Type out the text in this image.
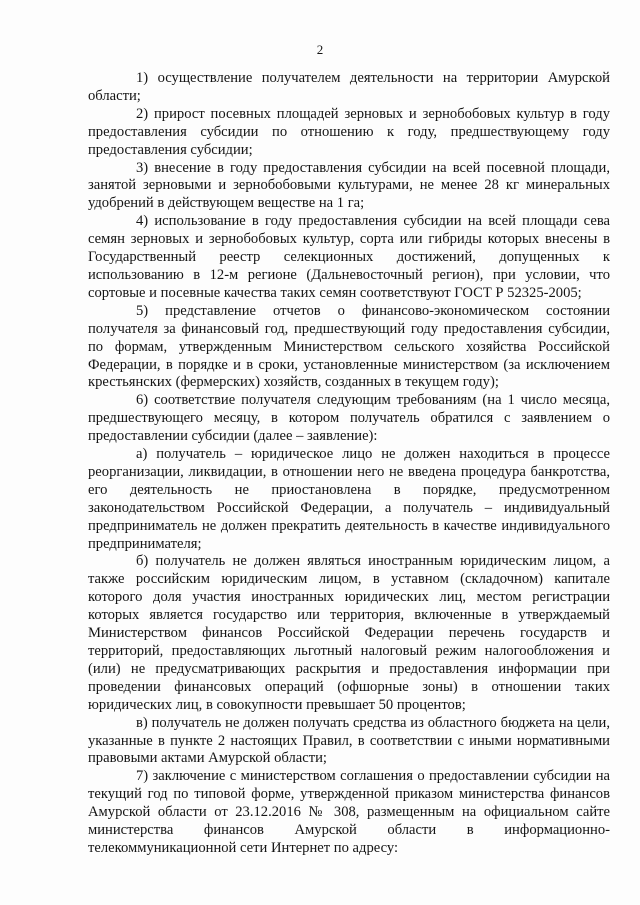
2

1) осуществление получателем деятельности на территории Амурской области;

2) прирост посевных площадей зерновых и зернобобовых культур в году предоставления субсидии по отношению к году, предшествующему году предоставления субсидии;

3) внесение в году предоставления субсидии на всей посевной площади, занятой зерновыми и зернобобовыми культурами, не менее 28 кг минеральных удобрений в действующем веществе на 1 га;

4) использование в году предоставления субсидии на всей площади сева семян зерновых и зернобобовых культур, сорта или гибриды которых внесены в Государственный реестр селекционных достижений, допущенных к использованию в 12-м регионе (Дальневосточный регион), при условии, что сортовые и посевные качества таких семян соответствуют ГОСТ Р 52325-2005;

5) представление отчетов о финансово-экономическом состоянии получателя за финансовый год, предшествующий году предоставления субсидии, по формам, утвержденным Министерством сельского хозяйства Российской Федерации, в порядке и в сроки, установленные министерством (за исключением крестьянских (фермерских) хозяйств, созданных в текущем году);

6) соответствие получателя следующим требованиям (на 1 число месяца, предшествующего месяцу, в котором получатель обратился с заявлением о предоставлении субсидии (далее – заявление):

а) получатель – юридическое лицо не должен находиться в процессе реорганизации, ликвидации, в отношении него не введена процедура банкротства, его деятельность не приостановлена в порядке, предусмотренном законодательством Российской Федерации, а получатель – индивидуальный предприниматель не должен прекратить деятельность в качестве индивидуального предпринимателя;

б) получатель не должен являться иностранным юридическим лицом, а также российским юридическим лицом, в уставном (складочном) капитале которого доля участия иностранных юридических лиц, местом регистрации которых является государство или территория, включенные в утверждаемый Министерством финансов Российской Федерации перечень государств и территорий, предоставляющих льготный налоговый режим налогообложения и (или) не предусматривающих раскрытия и предоставления информации при проведении финансовых операций (офшорные зоны) в отношении таких юридических лиц, в совокупности превышает 50 процентов;

в) получатель не должен получать средства из областного бюджета на цели, указанные в пункте 2 настоящих Правил, в соответствии с иными нормативными правовыми актами Амурской области;

7) заключение с министерством соглашения о предоставлении субсидии на текущий год по типовой форме, утвержденной приказом министерства финансов Амурской области от 23.12.2016 № 308, размещенным на официальном сайте министерства финансов Амурской области в информационно-телекоммуникационной сети Интернет по адресу:
